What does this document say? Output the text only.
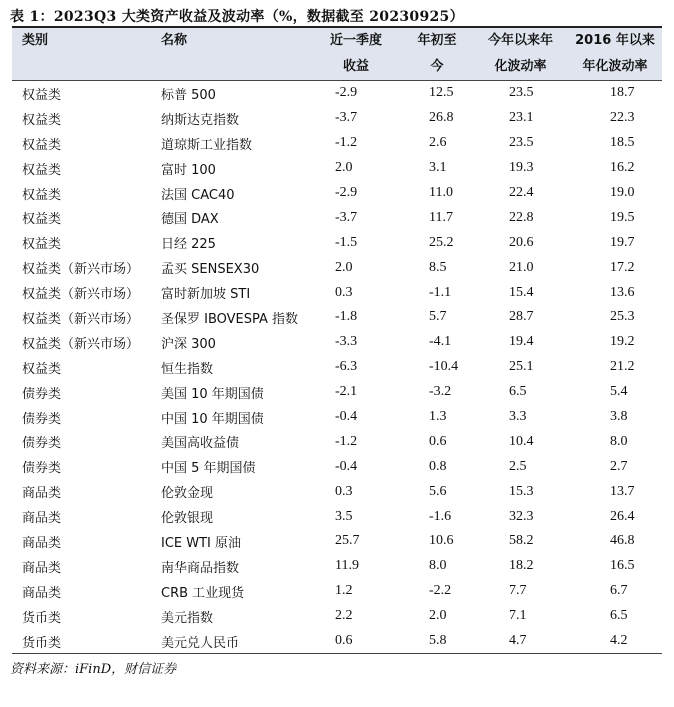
表 1：2023Q3 大类资产收益及波动率（%，数据截至 20230925）
类别	名称	近一季度	年初至	今年以来年	2016 年以来
		收益	今	化波动率	年化波动率
权益类	标普 500	-2.9	12.5	23.5	18.7
权益类	纳斯达克指数	-3.7	26.8	23.1	22.3
权益类	道琼斯工业指数	-1.2	2.6	23.5	18.5
权益类	富时 100	2.0	3.1	19.3	16.2
权益类	法国 CAC40	-2.9	11.0	22.4	19.0
权益类	德国 DAX	-3.7	11.7	22.8	19.5
权益类	日经 225	-1.5	25.2	20.6	19.7
权益类（新兴市场）	孟买 SENSEX30	2.0	8.5	21.0	17.2
权益类（新兴市场）	富时新加坡 STI	0.3	-1.1	15.4	13.6
权益类（新兴市场）	圣保罗 IBOVESPA 指数	-1.8	5.7	28.7	25.3
权益类（新兴市场）	沪深 300	-3.3	-4.1	19.4	19.2
权益类	恒生指数	-6.3	-10.4	25.1	21.2
债券类	美国 10 年期国债	-2.1	-3.2	6.5	5.4
债券类	中国 10 年期国债	-0.4	1.3	3.3	3.8
债券类	美国高收益债	-1.2	0.6	10.4	8.0
债券类	中国 5 年期国债	-0.4	0.8	2.5	2.7
商品类	伦敦金现	0.3	5.6	15.3	13.7
商品类	伦敦银现	3.5	-1.6	32.3	26.4
商品类	ICE WTI 原油	25.7	10.6	58.2	46.8
商品类	南华商品指数	11.9	8.0	18.2	16.5
商品类	CRB 工业现货	1.2	-2.2	7.7	6.7
货币类	美元指数	2.2	2.0	7.1	6.5
货币类	美元兑人民币	0.6	5.8	4.7	4.2
资料来源：iFinD，财信证券
